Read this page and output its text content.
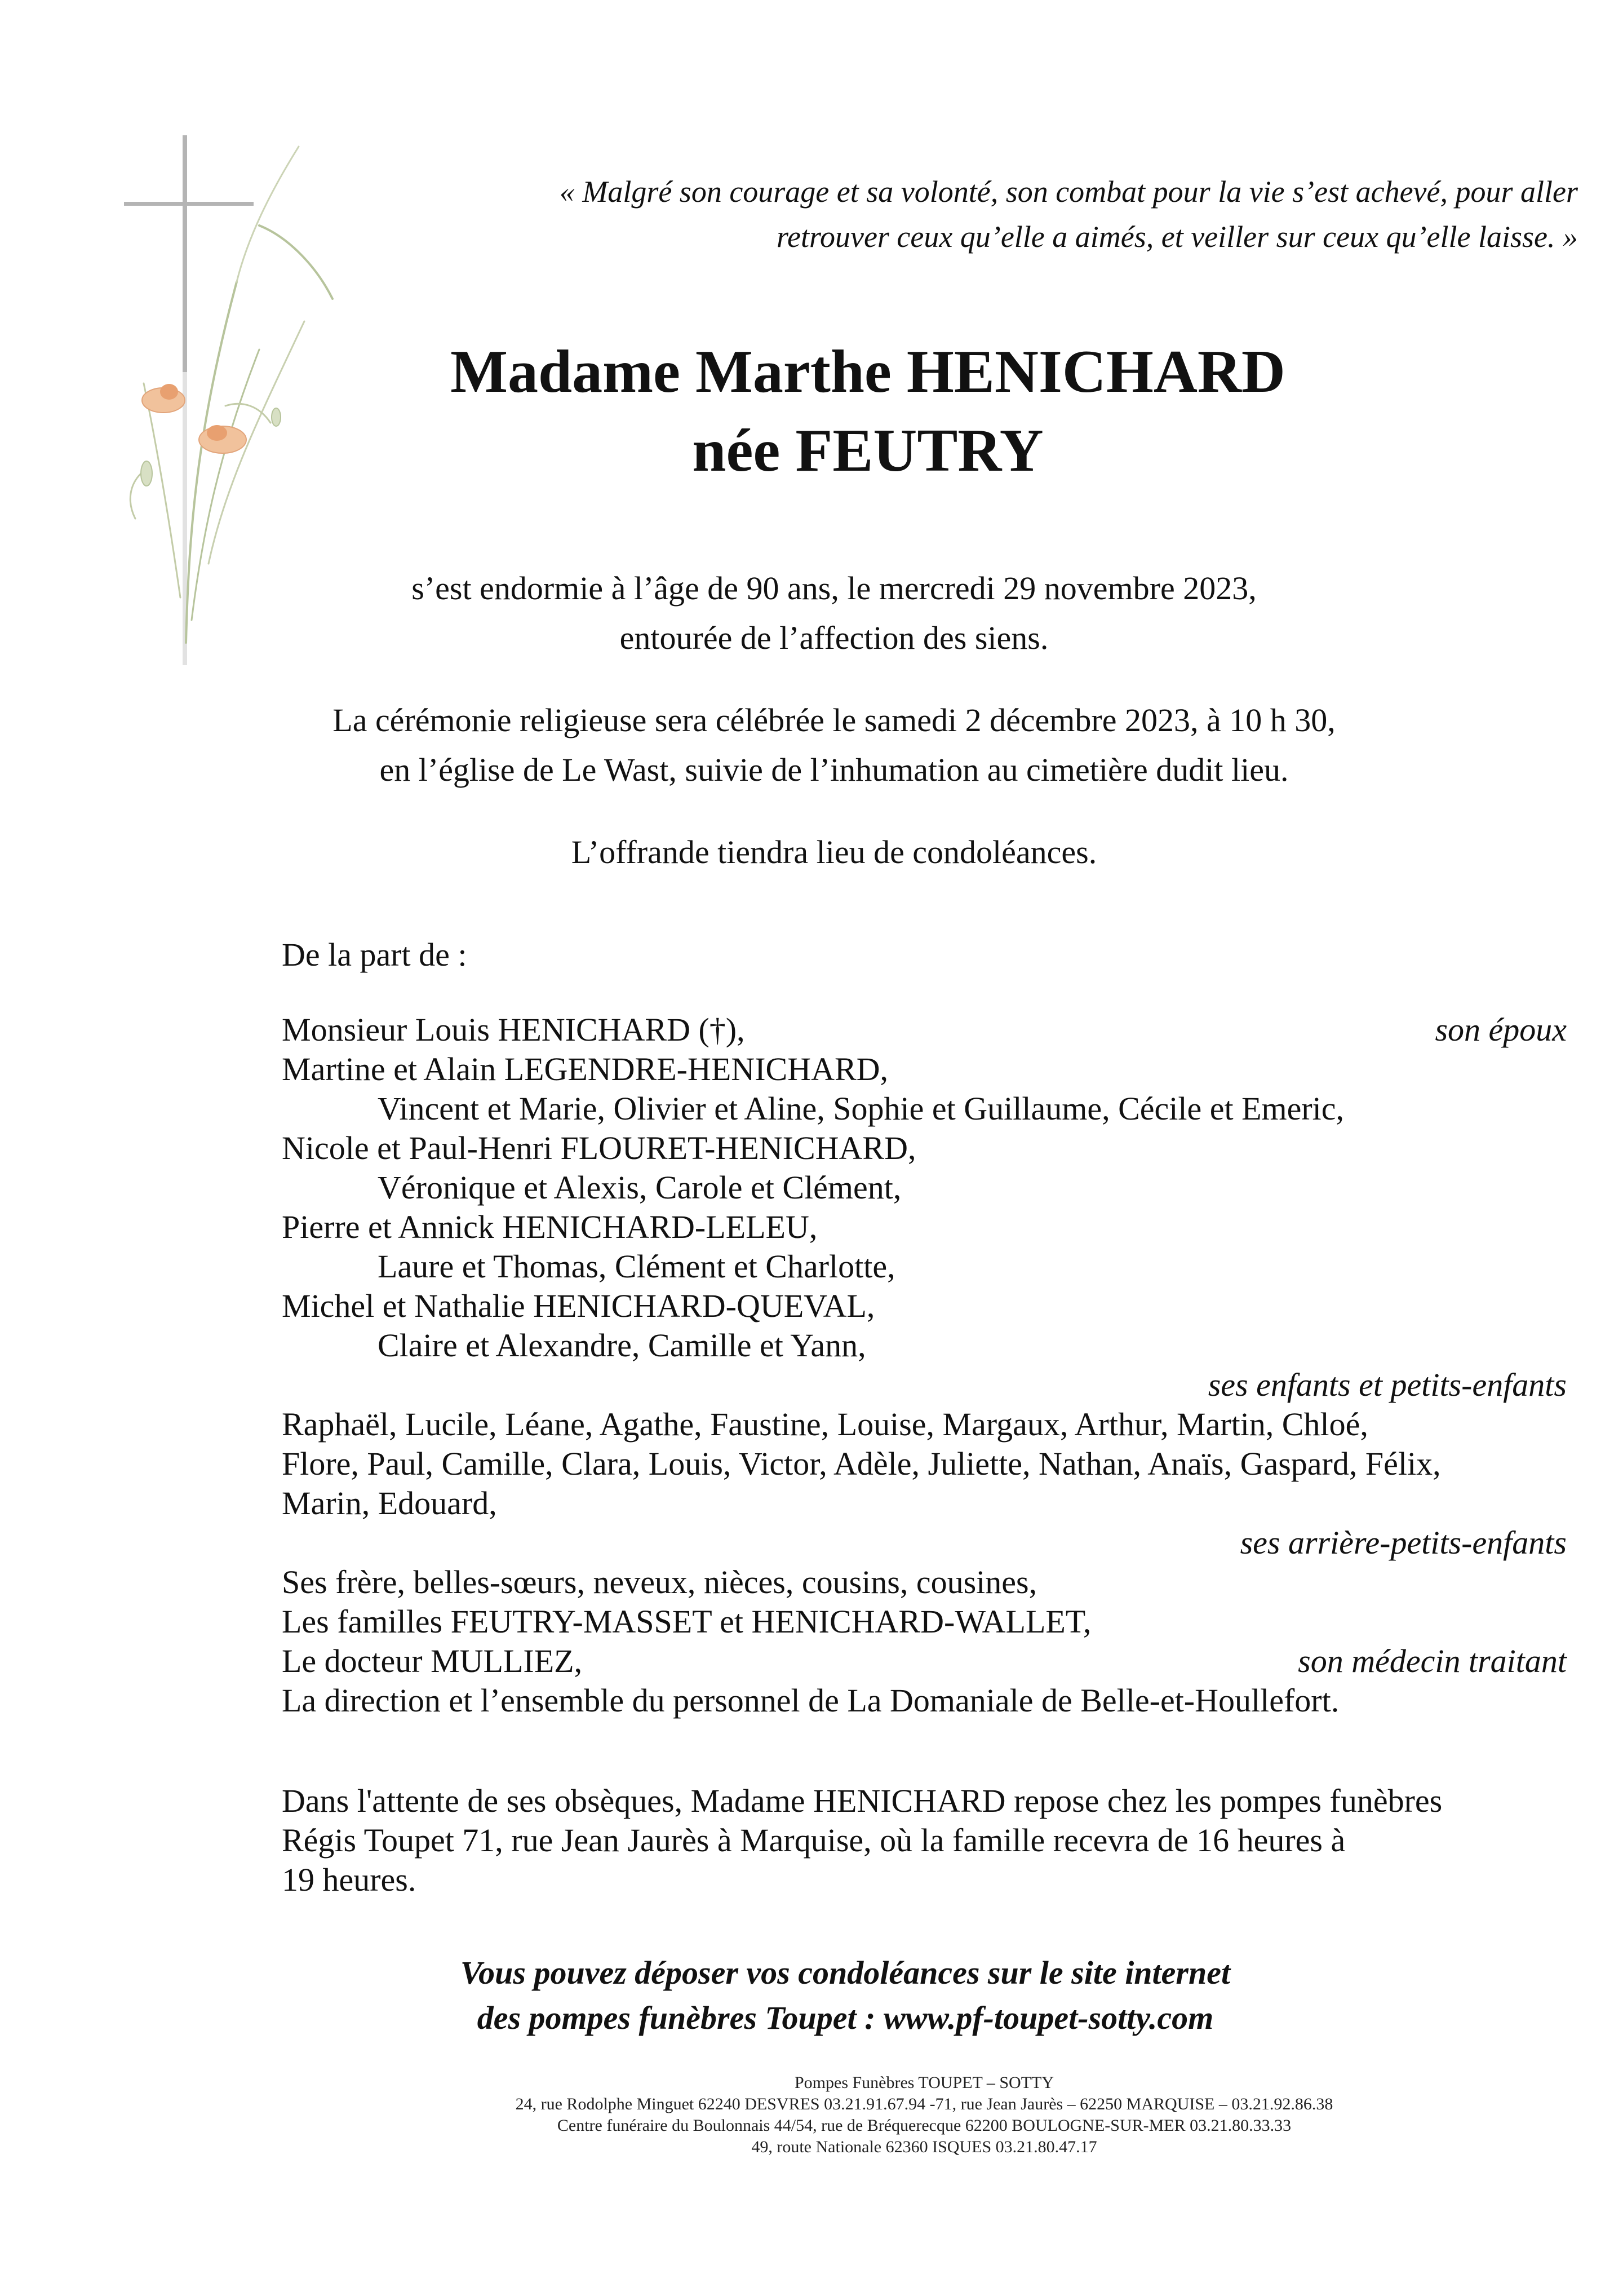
« Malgré son courage et sa volonté, son combat pour la vie s’est achevé, pour aller
retrouver ceux qu’elle a aimés, et veiller sur ceux qu’elle laisse. »
Madame Marthe HENICHARD
née FEUTRY
s’est endormie à l’âge de 90 ans, le mercredi 29 novembre 2023,
entourée de l’affection des siens.
La cérémonie religieuse sera célébrée le samedi 2 décembre 2023, à 10 h 30,
en l’église de Le Wast, suivie de l’inhumation au cimetière dudit lieu.
L’offrande tiendra lieu de condoléances.
De la part de :
Monsieur Louis HENICHARD (†),	son époux
Martine et Alain LEGENDRE-HENICHARD,
Vincent et Marie, Olivier et Aline, Sophie et Guillaume, Cécile et Emeric,
Nicole et Paul-Henri FLOURET-HENICHARD,
Véronique et Alexis, Carole et Clément,
Pierre et Annick HENICHARD-LELEU,
Laure et Thomas, Clément et Charlotte,
Michel et Nathalie HENICHARD-QUEVAL,
Claire et Alexandre, Camille et Yann,
ses enfants et petits-enfants
Raphaël, Lucile, Léane, Agathe, Faustine, Louise, Margaux, Arthur, Martin, Chloé,
Flore, Paul, Camille, Clara, Louis, Victor, Adèle, Juliette, Nathan, Anaïs, Gaspard, Félix,
Marin, Edouard,
ses arrière-petits-enfants
Ses frère, belles-sœurs, neveux, nièces, cousins, cousines,
Les familles FEUTRY-MASSET et HENICHARD-WALLET,
Le docteur MULLIEZ,	son médecin traitant
La direction et l’ensemble du personnel de La Domaniale de Belle-et-Houllefort.
Dans l'attente de ses obsèques, Madame HENICHARD repose chez les pompes funèbres
Régis Toupet 71, rue Jean Jaurès à Marquise, où la famille recevra de 16 heures à
19 heures.
Vous pouvez déposer vos condoléances sur le site internet
des pompes funèbres Toupet : www.pf-toupet-sotty.com
Pompes Funèbres TOUPET – SOTTY
24, rue Rodolphe Minguet 62240 DESVRES 03.21.91.67.94 -71, rue Jean Jaurès – 62250 MARQUISE – 03.21.92.86.38
Centre funéraire du Boulonnais 44/54, rue de Bréquerecque 62200 BOULOGNE-SUR-MER 03.21.80.33.33
49, route Nationale 62360 ISQUES 03.21.80.47.17
